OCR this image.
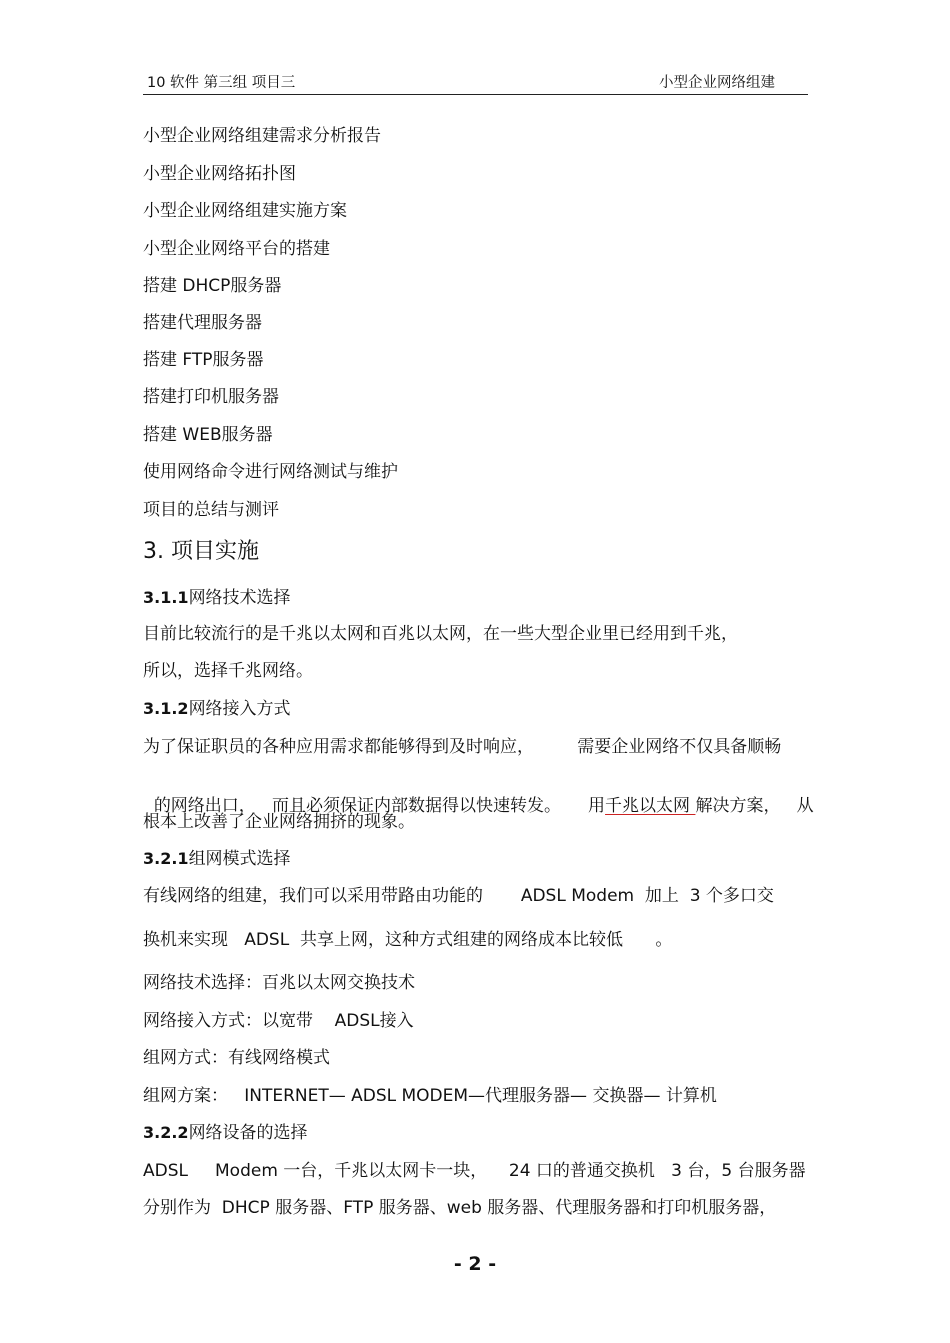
10 软件 第三组 项目三	小型企业网络组建
小型企业网络组建需求分析报告
小型企业网络拓扑图
小型企业网络组建实施方案
小型企业网络平台的搭建
搭建 DHCP服务器
搭建代理服务器
搭建 FTP服务器
搭建打印机服务器
搭建 WEB服务器
使用网络命令进行网络测试与维护
项目的总结与测评
3. 项目实施
3.1.1网络技术选择
目前比较流行的是千兆以太网和百兆以太网，在一些大型企业里已经用到千兆，
所以，选择千兆网络。
3.1.2网络接入方式
为了保证职员的各种应用需求都能够得到及时响应，        需要企业网络不仅具备顺畅

的网络出口，   而且必须保证内部数据得以快速转发。     用千兆以太网 解决方案，   从

根本上改善了企业网络拥挤的现象。
3.2.1组网模式选择
有线网络的组建，我们可以采用带路由功能的       ADSL Modem  加上  3 个多口交
换机来实现   ADSL  共享上网，这种方式组建的网络成本比较低      。
网络技术选择：百兆以太网交换技术
网络接入方式：以宽带    ADSL接入
组网方式：有线网络模式
组网方案：   INTERNET— ADSL MODEM—代理服务器— 交换器— 计算机
3.2.2网络设备的选择
ADSL     Modem 一台，千兆以太网卡一块，    24 口的普通交换机   3 台，5 台服务器
分别作为  DHCP 服务器、FTP 服务器、web 服务器、代理服务器和打印机服务器，
- 2 -
